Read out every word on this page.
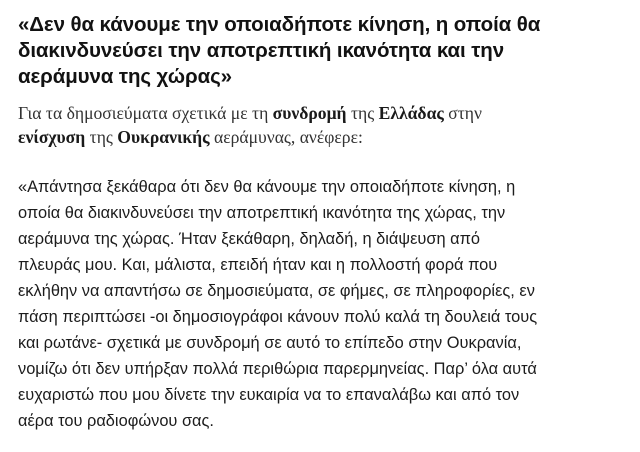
«Δεν θα κάνουμε την οποιαδήποτε κίνηση, η οποία θα
διακινδυνεύσει την αποτρεπτική ικανότητα και την
αεράμυνα της χώρας»

Για τα δημοσιεύματα σχετικά με τη συνδρομή της Ελλάδας στην
ενίσχυση της Ουκρανικής αεράμυνας, ανέφερε:

«Απάντησα ξεκάθαρα ότι δεν θα κάνουμε την οποιαδήποτε κίνηση, η
οποία θα διακινδυνεύσει την αποτρεπτική ικανότητα της χώρας, την
αεράμυνα της χώρας. Ήταν ξεκάθαρη, δηλαδή, η διάψευση από
πλευράς μου. Και, μάλιστα, επειδή ήταν και η πολλοστή φορά που
εκλήθην να απαντήσω σε δημοσιεύματα, σε φήμες, σε πληροφορίες, εν
πάση περιπτώσει -οι δημοσιογράφοι κάνουν πολύ καλά τη δουλειά τους
και ρωτάνε- σχετικά με συνδρομή σε αυτό το επίπεδο στην Ουκρανία,
νομίζω ότι δεν υπήρξαν πολλά περιθώρια παρερμηνείας. Παρ’ όλα αυτά
ευχαριστώ που μου δίνετε την ευκαιρία να το επαναλάβω και από τον
αέρα του ραδιοφώνου σας.
